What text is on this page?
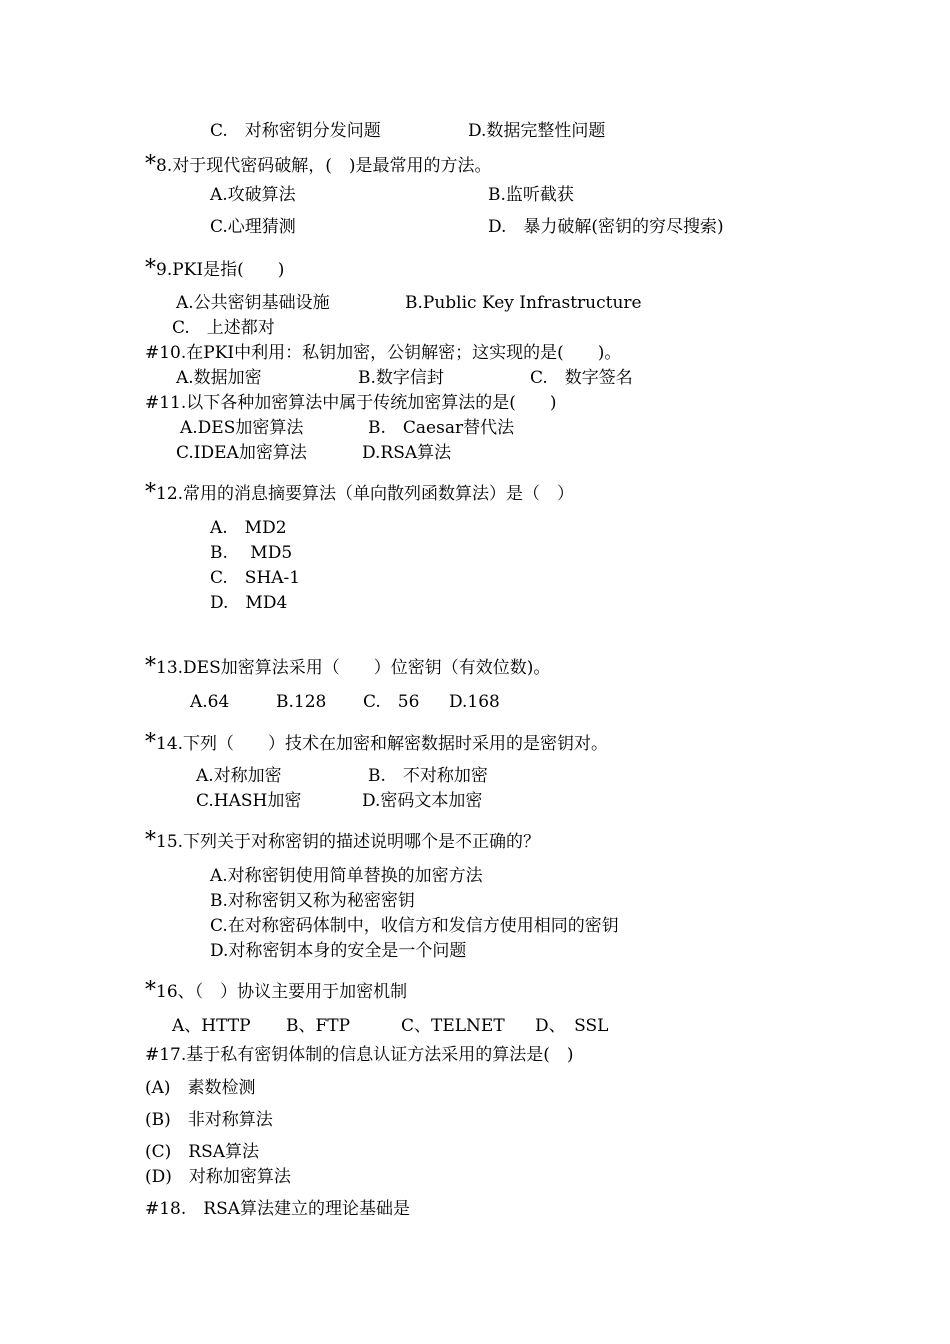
C.　对称密钥分发问题	D.数据完整性问题
*8.对于现代密码破解，(　)是最常用的方法。
A.攻破算法	B.监听截获
C.心理猜测	D.　暴力破解(密钥的穷尽搜索)
*9.PKI是指(　　)
A.公共密钥基础设施	B.Public Key Infrastructure
C.　上述都对
#10.在PKI中利用：私钥加密，公钥解密；这实现的是(　　)。
A.数据加密	B.数字信封	C.　数字签名
#11.以下各种加密算法中属于传统加密算法的是(　　)
A.DES加密算法	B.　Caesar替代法
C.IDEA加密算法	D.RSA算法
*12.常用的消息摘要算法（单向散列函数算法）是（　）
A.　MD2
B.　 MD5
C.　SHA-1
D.　MD4
*13.DES加密算法采用（　　）位密钥（有效位数)。
A.64	B.128 C.　56 D.168
*14.下列（　　）技术在加密和解密数据时采用的是密钥对。
A.对称加密	B.　不对称加密
C.HASH加密	D.密码文本加密
*15.下列关于对称密钥的描述说明哪个是不正确的？
A.对称密钥使用简单替换的加密方法
B.对称密钥又称为秘密密钥
C.在对称密码体制中，收信方和发信方使用相同的密钥
D.对称密钥本身的安全是一个问题
*16、（　）协议主要用于加密机制
A、HTTP B、FTP	C、TELNET D、　SSL
#17.基于私有密钥体制的信息认证方法采用的算法是(　)
(A)　素数检测
(B)　非对称算法
(C)　RSA算法
(D)　对称加密算法
#18.　RSA算法建立的理论基础是
